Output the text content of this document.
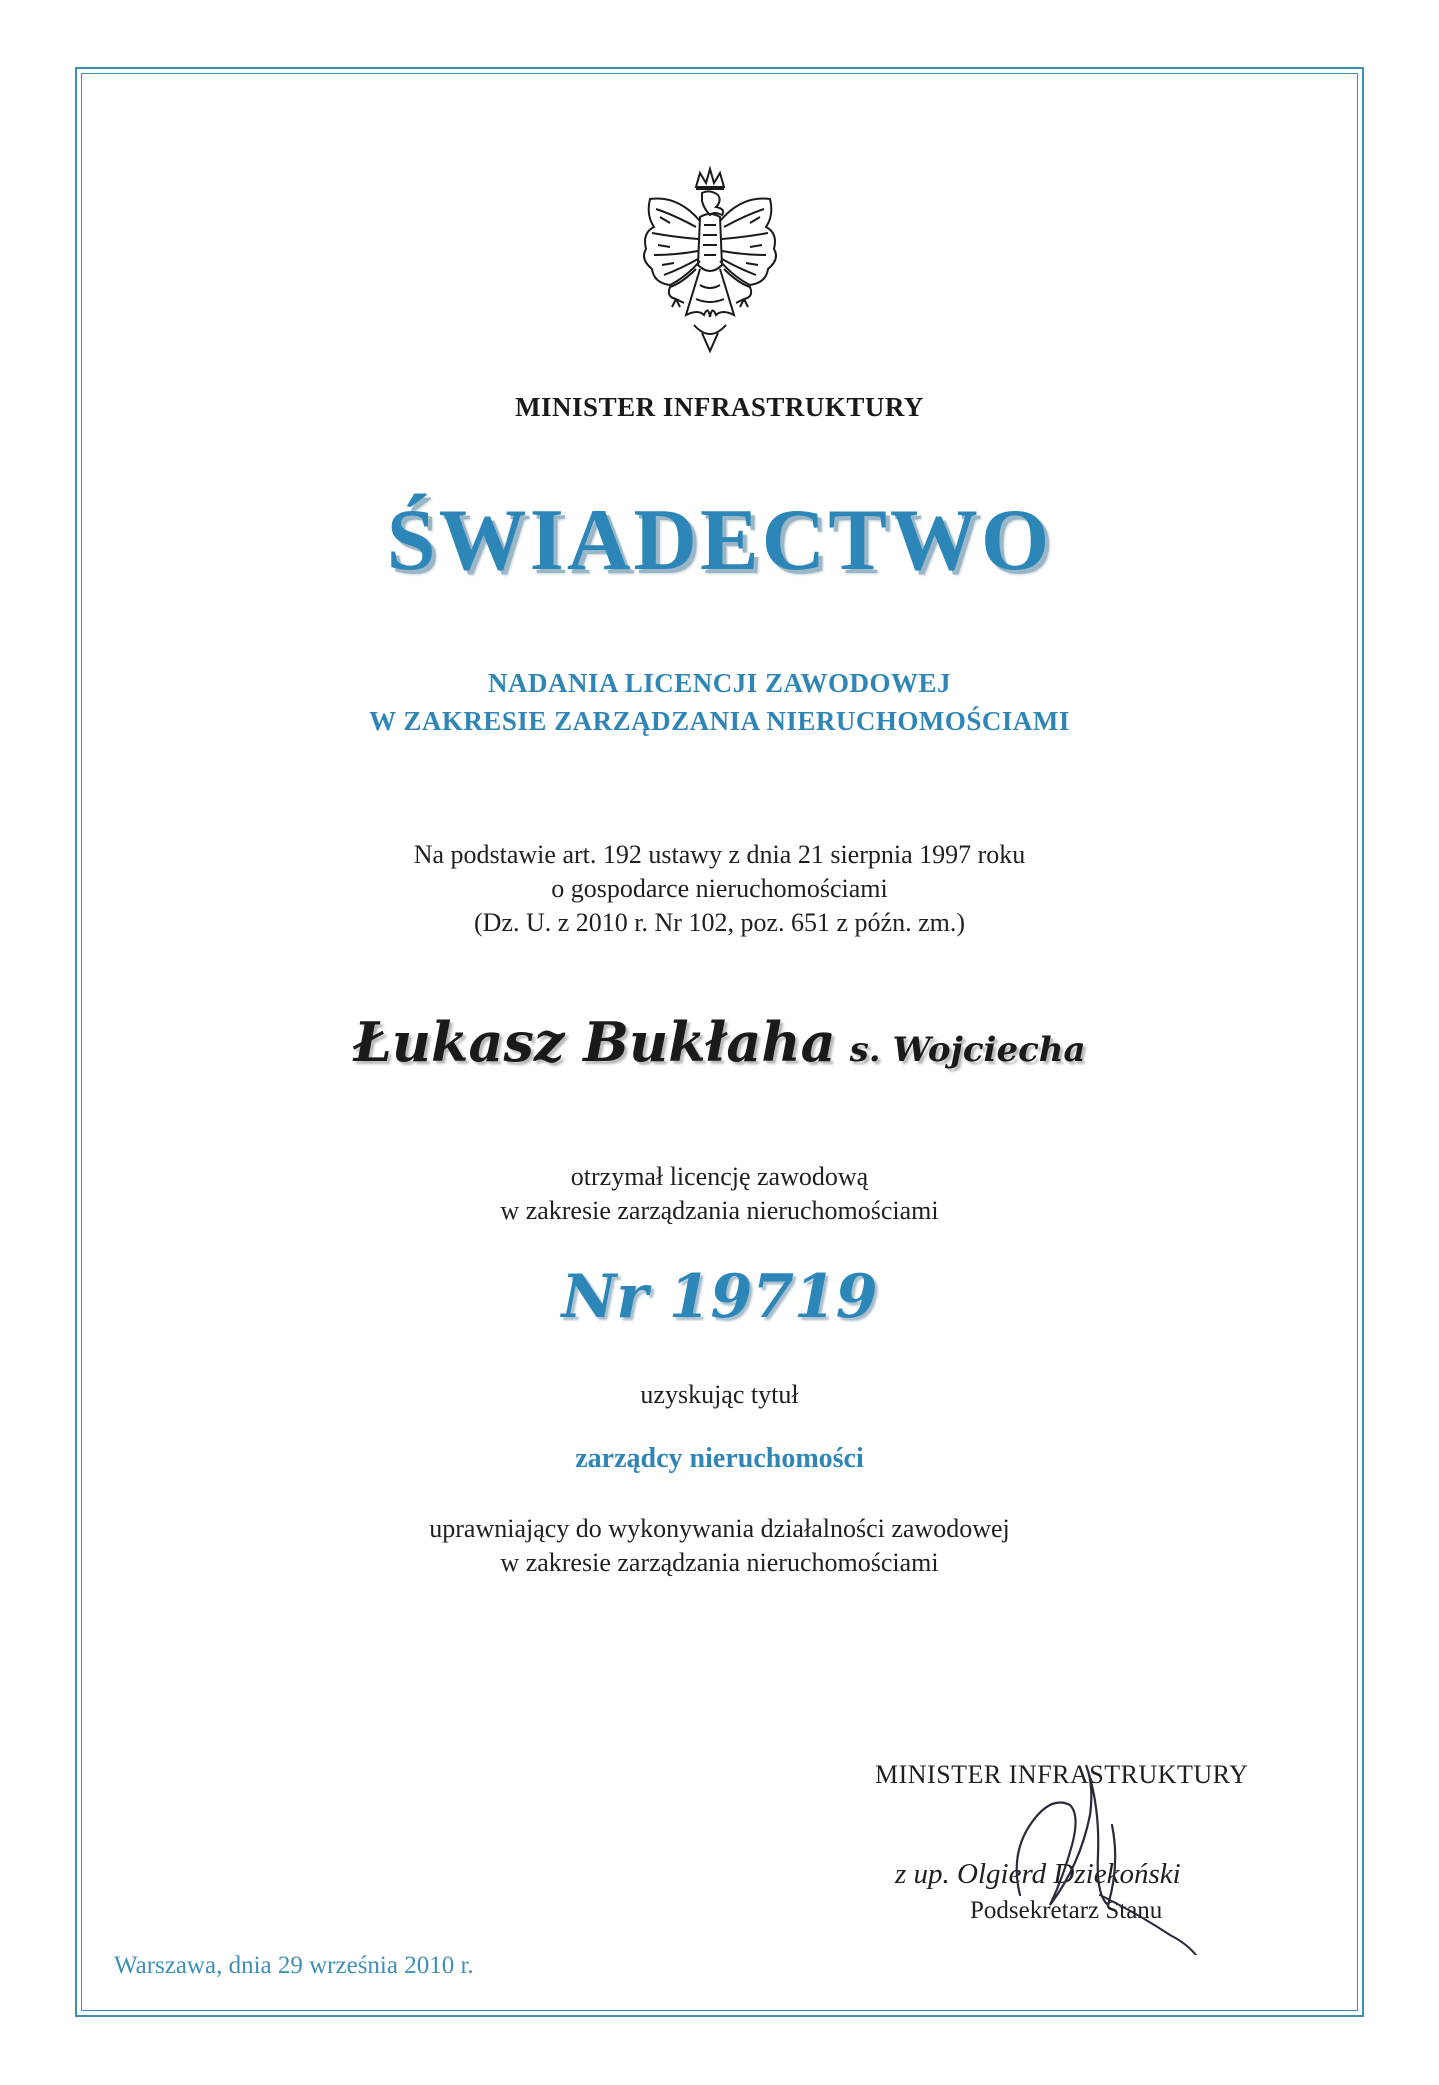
MINISTER INFRASTRUKTURY
ŚWIADECTWO
NADANIA LICENCJI ZAWODOWEJ
W ZAKRESIE ZARZĄDZANIA NIERUCHOMOŚCIAMI
Na podstawie art. 192 ustawy z dnia 21 sierpnia 1997 roku
o gospodarce nieruchomościami
(Dz. U. z 2010 r. Nr 102, poz. 651 z późn. zm.)
Łukasz Bukłaha s. Wojciecha
otrzymał licencję zawodową
w zakresie zarządzania nieruchomościami
Nr 19719
uzyskując tytuł
zarządcy nieruchomości
uprawniający do wykonywania działalności zawodowej
w zakresie zarządzania nieruchomościami
MINISTER INFRASTRUKTURY
z up. Olgierd Dziekoński
Podsekretarz Stanu
Warszawa, dnia 29 września 2010 r.
